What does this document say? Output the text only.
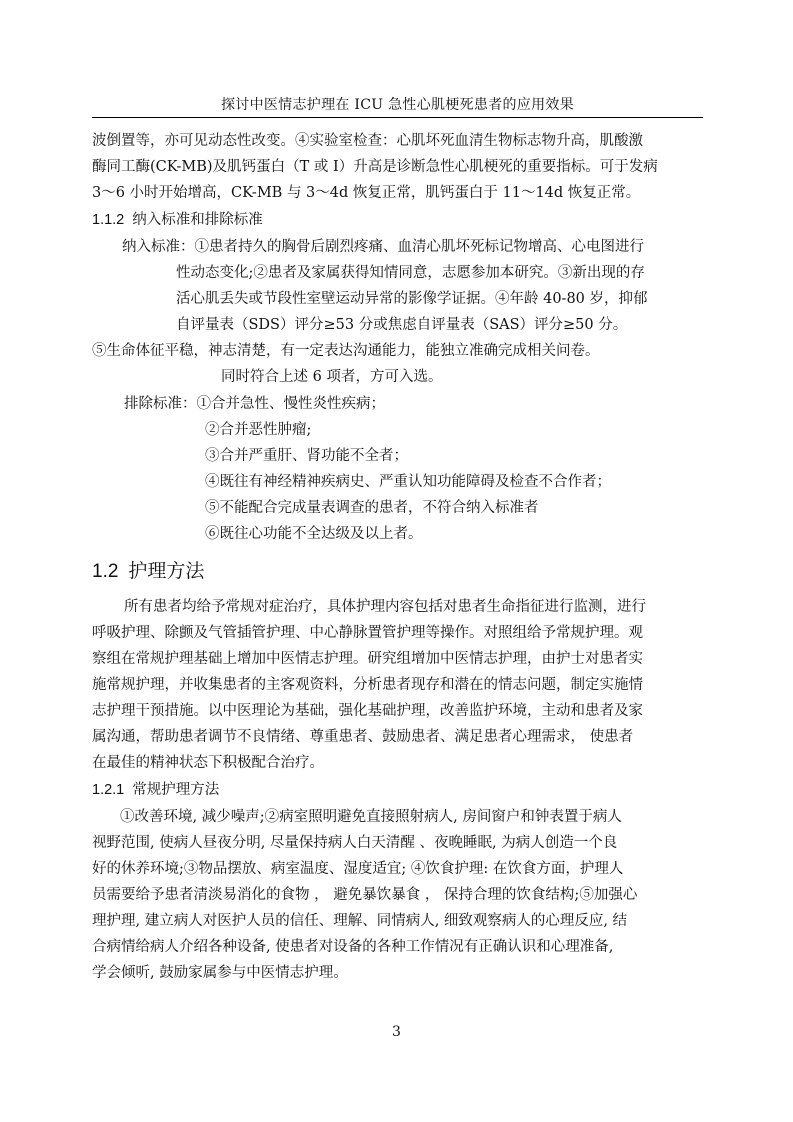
探讨中医情志护理在 ICU 急性心肌梗死患者的应用效果
波倒置等，亦可见动态性改变。④实验室检查：心肌坏死血清生物标志物升高，肌酸激
酶同工酶(CK-MB)及肌钙蛋白（T 或 I）升高是诊断急性心肌梗死的重要指标。可于发病
3～6 小时开始增高，CK-MB 与 3～4d 恢复正常，肌钙蛋白于 11～14d 恢复正常。
1.1.2 纳入标准和排除标准
纳入标准：①患者持久的胸骨后剧烈疼痛、血清心肌坏死标记物增高、心电图进行
性动态变化;②患者及家属获得知情同意，志愿参加本研究。③新出现的存
活心肌丢失或节段性室壁运动异常的影像学证据。④年龄 40-80 岁，抑郁
自评量表（SDS）评分≥53 分或焦虑自评量表（SAS）评分≥50 分。
⑤生命体征平稳，神志清楚，有一定表达沟通能力，能独立准确完成相关问卷。
同时符合上述 6 项者，方可入选。
排除标准：①合并急性、慢性炎性疾病；
②合并恶性肿瘤;
③合并严重肝、肾功能不全者；
④既往有神经精神疾病史、严重认知功能障碍及检查不合作者；
⑤不能配合完成量表调查的患者，不符合纳入标准者
⑥既往心功能不全达级及以上者。
1.2 护理方法
所有患者均给予常规对症治疗，具体护理内容包括对患者生命指征进行监测，进行
呼吸护理、除颤及气管插管护理、中心静脉置管护理等操作。对照组给予常规护理。观
察组在常规护理基础上增加中医情志护理。研究组增加中医情志护理，由护士对患者实
施常规护理，并收集患者的主客观资料，分析患者现存和潜在的情志问题，制定实施情
志护理干预措施。以中医理论为基础，强化基础护理，改善监护环境，主动和患者及家
属沟通，帮助患者调节不良情绪、尊重患者、鼓励患者、满足患者心理需求， 使患者
在最佳的精神状态下积极配合治疗。
1.2.1 常规护理方法
①改善环境, 减少噪声;②病室照明避免直接照射病人, 房间窗户和钟表置于病人
视野范围, 使病人昼夜分明, 尽量保持病人白天清醒 、夜晚睡眠, 为病人创造一个良
好的休养环境;③物品摆放、病室温度、湿度适宜; ④饮食护理: 在饮食方面，护理人
员需要给予患者清淡易消化的食物 ， 避免暴饮暴食 ， 保持合理的饮食结构;⑤加强心
理护理, 建立病人对医护人员的信任、理解、同情病人, 细致观察病人的心理反应, 结
合病情给病人介绍各种设备, 使患者对设备的各种工作情况有正确认识和心理准备,
学会倾听, 鼓励家属参与中医情志护理。
3
